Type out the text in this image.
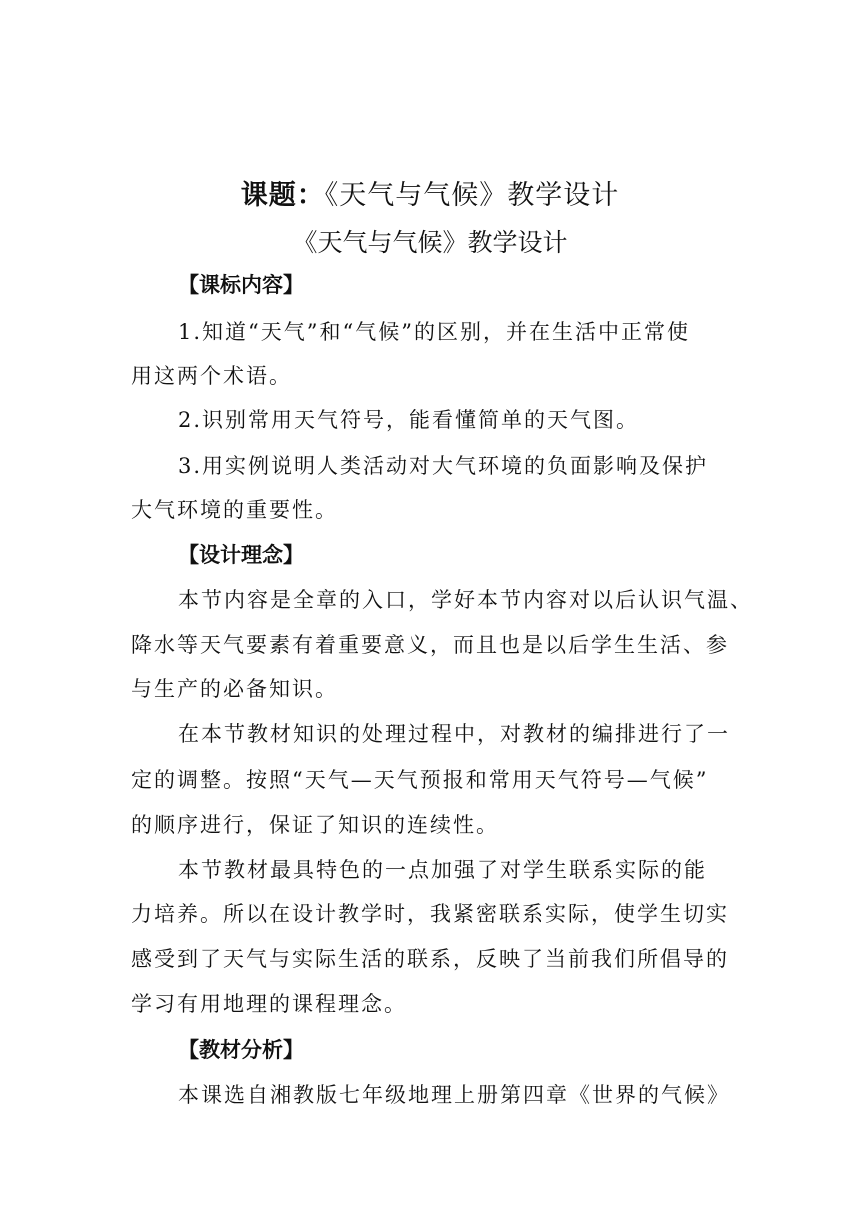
课题：《天气与气候》教学设计
《天气与气候》教学设计
【课标内容】
1.知道“天气”和“气候”的区别，并在生活中正常使
用这两个术语。
2.识别常用天气符号，能看懂简单的天气图。
3.用实例说明人类活动对大气环境的负面影响及保护
大气环境的重要性。
【设计理念】
本节内容是全章的入口，学好本节内容对以后认识气温、
降水等天气要素有着重要意义，而且也是以后学生生活、参
与生产的必备知识。
在本节教材知识的处理过程中，对教材的编排进行了一
定的调整。按照“天气—天气预报和常用天气符号—气候”
的顺序进行，保证了知识的连续性。
本节教材最具特色的一点加强了对学生联系实际的能
力培养。所以在设计教学时，我紧密联系实际，使学生切实
感受到了天气与实际生活的联系，反映了当前我们所倡导的
学习有用地理的课程理念。
【教材分析】
本课选自湘教版七年级地理上册第四章《世界的气候》
